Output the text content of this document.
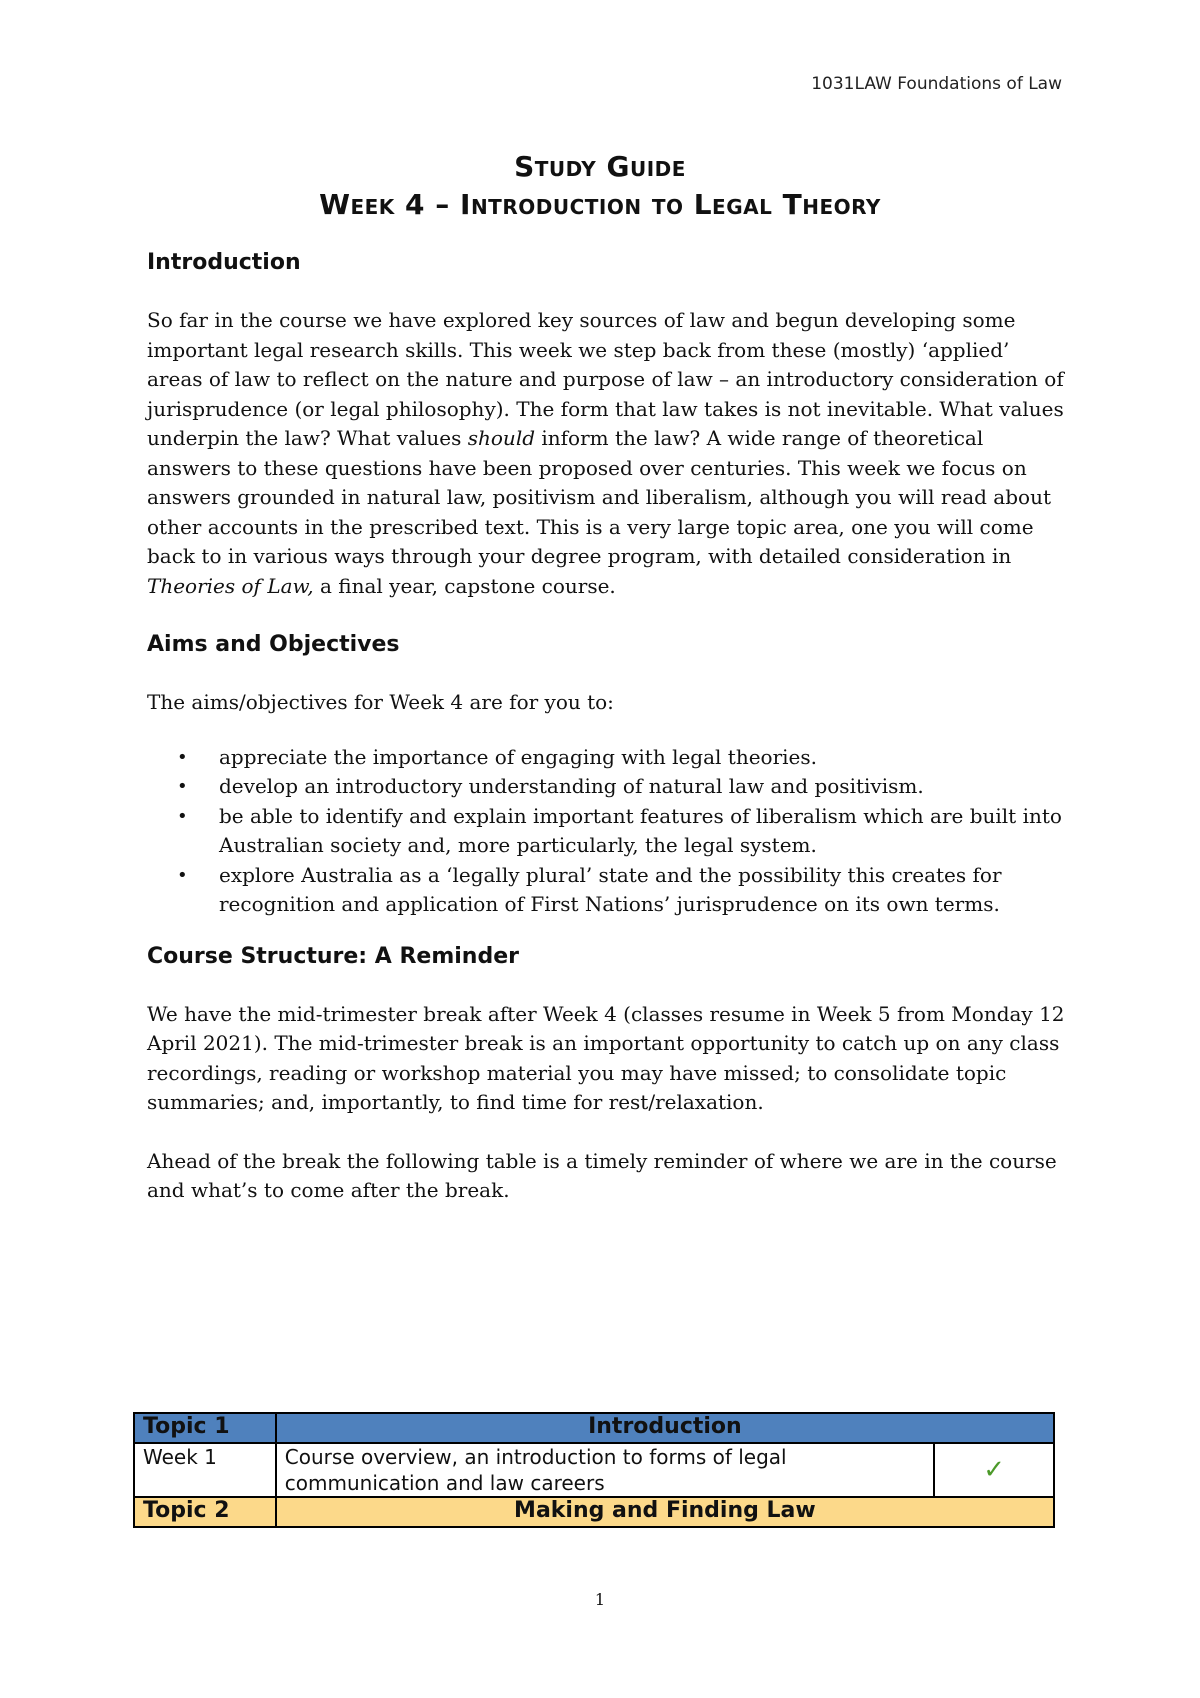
1031LAW Foundations of Law
Study Guide
Week 4 – Introduction to Legal Theory
Introduction

So far in the course we have explored key sources of law and begun developing some important legal research skills. This week we step back from these (mostly) ‘applied’ areas of law to reflect on the nature and purpose of law – an introductory consideration of jurisprudence (or legal philosophy). The form that law takes is not inevitable. What values underpin the law? What values should inform the law? A wide range of theoretical answers to these questions have been proposed over centuries. This week we focus on answers grounded in natural law, positivism and liberalism, although you will read about other accounts in the prescribed text. This is a very large topic area, one you will come back to in various ways through your degree program, with detailed consideration in Theories of Law, a final year, capstone course.

Aims and Objectives

The aims/objectives for Week 4 are for you to:

• appreciate the importance of engaging with legal theories.
• develop an introductory understanding of natural law and positivism.
• be able to identify and explain important features of liberalism which are built into Australian society and, more particularly, the legal system.
• explore Australia as a ‘legally plural’ state and the possibility this creates for recognition and application of First Nations’ jurisprudence on its own terms.
Course Structure: A Reminder

We have the mid-trimester break after Week 4 (classes resume in Week 5 from Monday 12 April 2021). The mid-trimester break is an important opportunity to catch up on any class recordings, reading or workshop material you may have missed; to consolidate topic summaries; and, importantly, to find time for rest/relaxation.

Ahead of the break the following table is a timely reminder of where we are in the course and what’s to come after the break.

Topic 1	Introduction	
Week 1	Course overview, an introduction to forms of legal communication and law careers	✓
Topic 2	Making and Finding Law	
1
